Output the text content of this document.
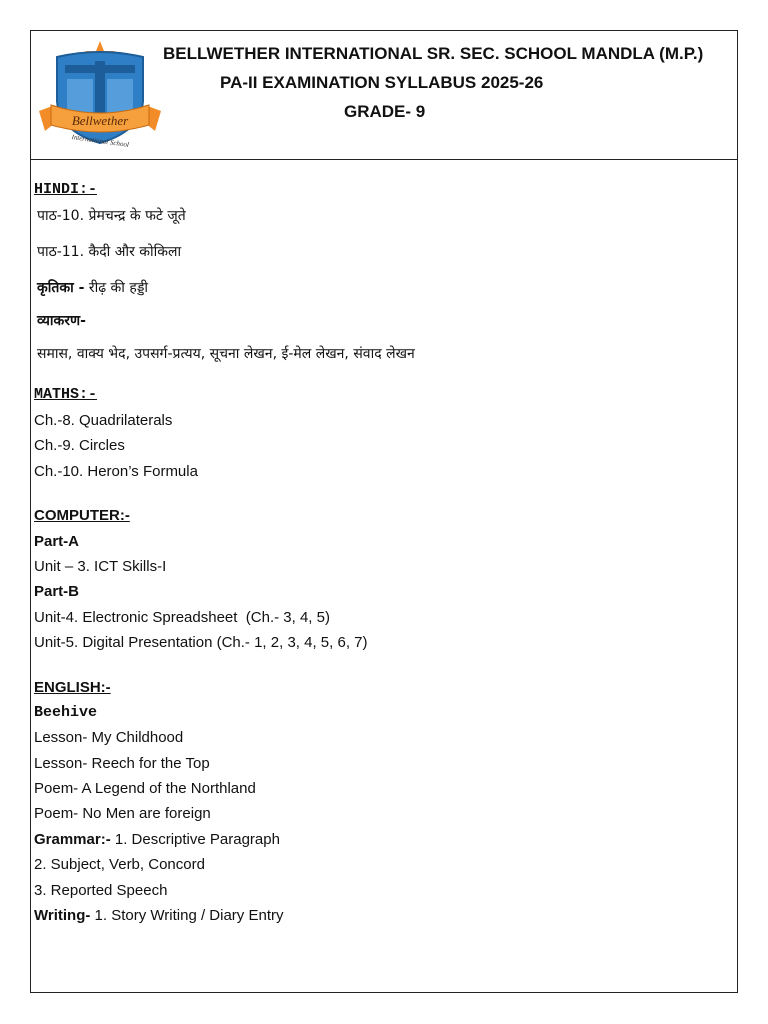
Bellwether
International School
BELLWETHER INTERNATIONAL SR. SEC. SCHOOL MANDLA (M.P.)
PA-II EXAMINATION SYLLABUS 2025-26
GRADE- 9
HINDI:-
पाठ-10. प्रेमचन्द्र के फटे जूते
पाठ-11. कैदी और कोकिला
कृतिका - रीढ़ की हड्डी
व्याकरण-
समास, वाक्य भेद, उपसर्ग-प्रत्यय, सूचना लेखन, ई-मेल लेखन, संवाद लेखन
MATHS:-
Ch.-8. Quadrilaterals
Ch.-9. Circles
Ch.-10. Heron’s Formula
COMPUTER:-
Part-A
Unit – 3. ICT Skills-I
Part-B
Unit-4. Electronic Spreadsheet  (Ch.- 3, 4, 5)
Unit-5. Digital Presentation (Ch.- 1, 2, 3, 4, 5, 6, 7)
ENGLISH:-
Beehive
Lesson- My Childhood
Lesson- Reech for the Top
Poem- A Legend of the Northland
Poem- No Men are foreign
Grammar:- 1. Descriptive Paragraph
2. Subject, Verb, Concord
3. Reported Speech
Writing- 1. Story Writing / Diary Entry
